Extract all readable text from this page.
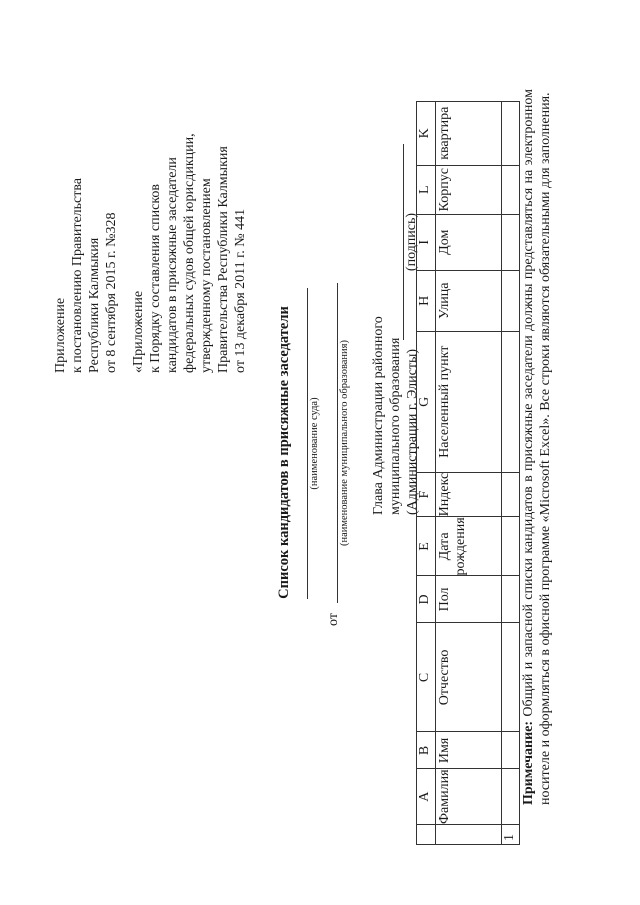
Приложение к постановлению Правительства Республики Калмыкия от 8 сентября 2015 г. №328 «Приложение к Порядку составления списков кандидатов в присяжные заседатели федеральных судов общей юрисдикции, утвержденному постановлением Правительства Республики Калмыкия от 13 декабря 2011 г. № 441
Список кандидатов в присяжные заседатели (наименование суда)
от
(наименование муниципального образования) Глава Администрации районного муниципального образования (Администрации г. Элисты)
(подпись)
	A	B	C	D	E	F	G	H	I	L	K
	Фамилия	Имя	Отчество	Пол	Дата рождения	Индекс	Населенный пункт	Улица	Дом	Корпус	квартира
1											
Примечание: Общий и запасной списки кандидатов в присяжные заседатели должны представляться на электронном носителе и оформляться в офисной программе «Microsoft Excel». Все строки являются обязательными для заполнения.
